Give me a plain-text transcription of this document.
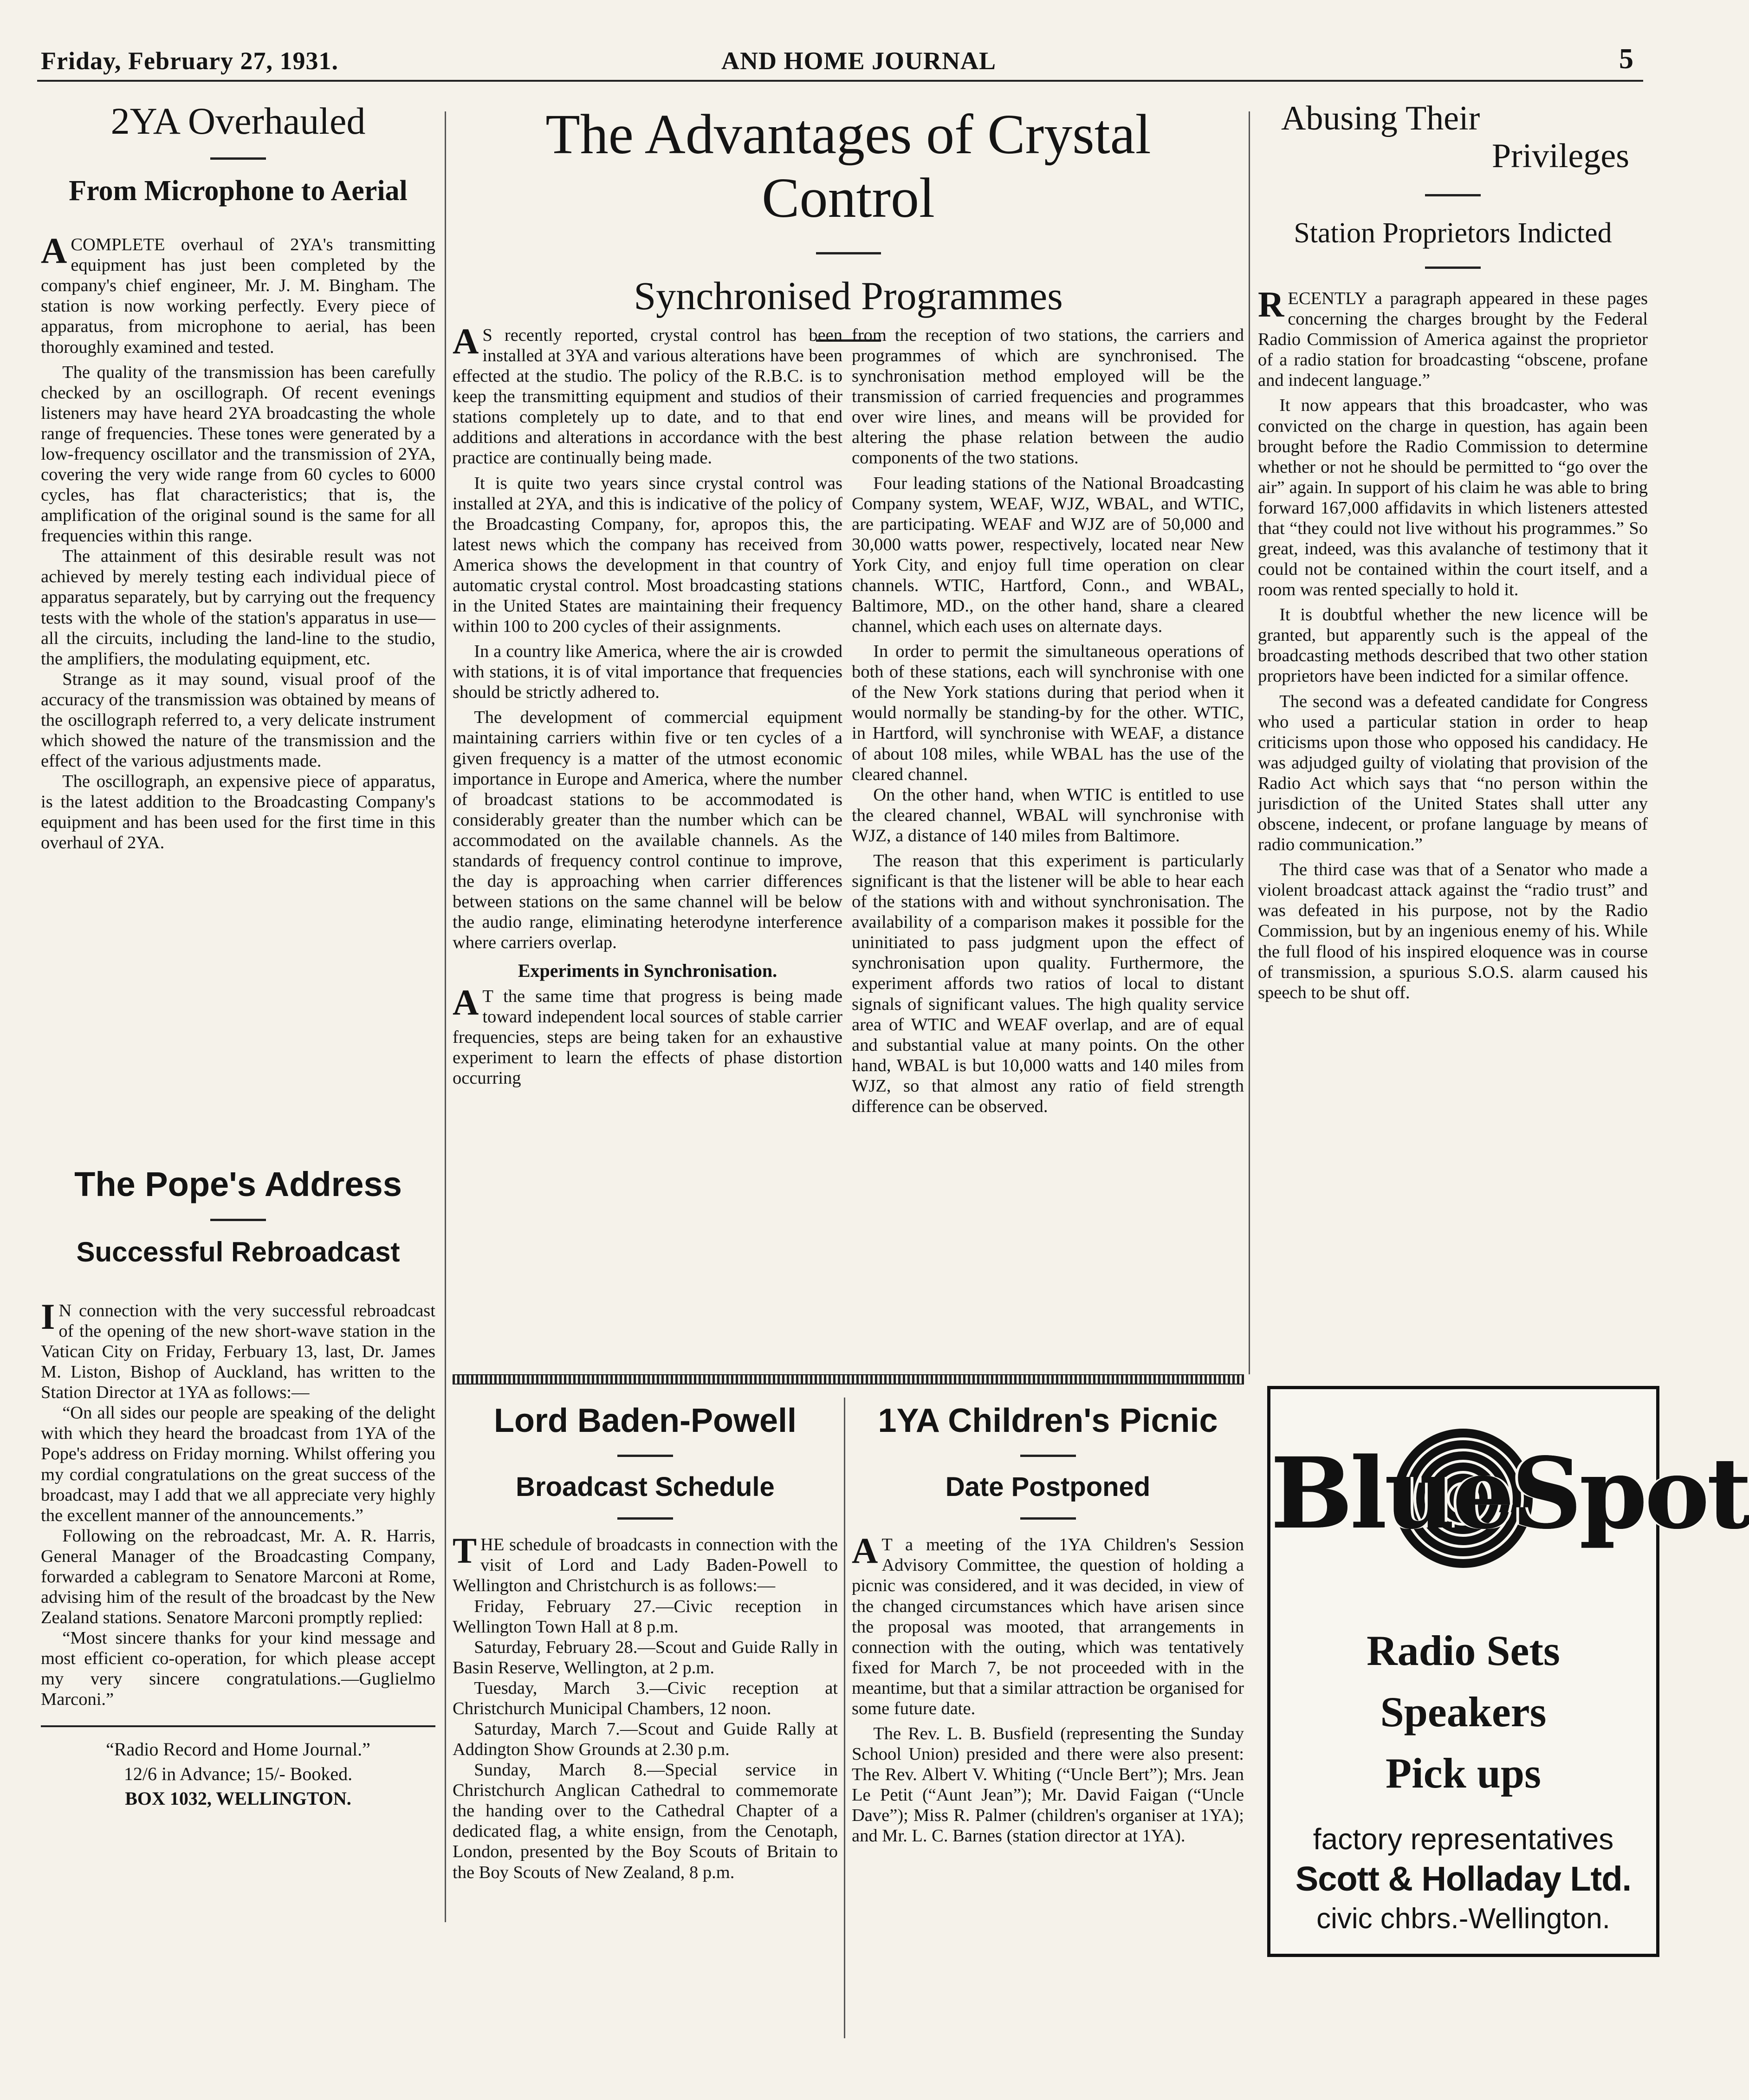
Friday, February 27, 1931.	AND HOME JOURNAL	5
2YA Overhauled
From Microphone to Aerial

ACOMPLETE overhaul of 2YA's transmitting equipment has just been completed by the company's chief engineer, Mr. J. M. Bingham. The station is now working perfectly. Every piece of apparatus, from microphone to aerial, has been thoroughly examined and tested.

The quality of the transmission has been carefully checked by an oscillograph. Of recent evenings listeners may have heard 2YA broadcasting the whole range of frequencies. These tones were generated by a low-frequency oscillator and the transmission of 2YA, covering the very wide range from 60 cycles to 6000 cycles, has flat characteristics; that is, the amplification of the original sound is the same for all frequencies within this range.

The attainment of this desirable result was not achieved by merely testing each individual piece of apparatus separately, but by carrying out the frequency tests with the whole of the station's apparatus in use—all the circuits, including the land-line to the studio, the amplifiers, the modulating equipment, etc.

Strange as it may sound, visual proof of the accuracy of the transmission was obtained by means of the oscillograph referred to, a very delicate instrument which showed the nature of the transmission and the effect of the various adjustments made.

The oscillograph, an expensive piece of apparatus, is the latest addition to the Broadcasting Company's equipment and has been used for the first time in this overhaul of 2YA.

The Pope's Address
Successful Rebroadcast

I N connection with the very successful rebroadcast of the opening of the new short-wave station in the Vatican City on Friday, Ferbuary 13, last, Dr. James M. Liston, Bishop of Auckland, has written to the Station Director at 1YA as follows:—

“On all sides our people are speaking of the delight with which they heard the broadcast from 1YA of the Pope's address on Friday morning. Whilst offering you my cordial congratulations on the great success of the broadcast, may I add that we all appreciate very highly the excellent manner of the announcements.”

Following on the rebroadcast, Mr. A. R. Harris, General Manager of the Broadcasting Company, forwarded a cablegram to Senatore Marconi at Rome, advising him of the result of the broadcast by the New Zealand stations. Senatore Marconi promptly replied:

“Most sincere thanks for your kind message and most efficient co-operation, for which please accept my very sincere congratulations.—Guglielmo Marconi.”

“Radio Record and Home Journal.”
12/6 in Advance; 15/- Booked.
BOX 1032, WELLINGTON.
The Advantages of Crystal Control
Synchronised Programmes

A S recently reported, crystal control has been installed at 3YA and various alterations have been effected at the studio. The policy of the R.B.C. is to keep the transmitting equipment and studios of their stations completely up to date, and to that end additions and alterations in accordance with the best practice are continually being made.

It is quite two years since crystal control was installed at 2YA, and this is indicative of the policy of the Broadcasting Company, for, apropos this, the latest news which the company has received from America shows the development in that country of automatic crystal control. Most broadcasting stations in the United States are maintaining their frequency within 100 to 200 cycles of their assignments.

In a country like America, where the air is crowded with stations, it is of vital importance that frequencies should be strictly adhered to.

The development of commercial equipment maintaining carriers within five or ten cycles of a given frequency is a matter of the utmost economic importance in Europe and America, where the number of broadcast stations to be accommodated is considerably greater than the number which can be accommodated on the available channels. As the standards of frequency control continue to improve, the day is approaching when carrier differences between stations on the same channel will be below the audio range, eliminating heterodyne interference where carriers overlap.

Experiments in Synchronisation.

A T the same time that progress is being made toward independent local sources of stable carrier frequencies, steps are being taken for an exhaustive experiment to learn the effects of phase distortion occurring

from the reception of two stations, the carriers and programmes of which are synchronised. The synchronisation method employed will be the transmission of carried frequencies and programmes over wire lines, and means will be provided for altering the phase relation between the audio components of the two stations.

Four leading stations of the National Broadcasting Company system, WEAF, WJZ, WBAL, and WTIC, are participating. WEAF and WJZ are of 50,000 and 30,000 watts power, respectively, located near New York City, and enjoy full time operation on clear channels. WTIC, Hartford, Conn., and WBAL, Baltimore, MD., on the other hand, share a cleared channel, which each uses on alternate days.

In order to permit the simultaneous operations of both of these stations, each will synchronise with one of the New York stations during that period when it would normally be standing-by for the other. WTIC, in Hartford, will synchronise with WEAF, a distance of about 108 miles, while WBAL has the use of the cleared channel.

On the other hand, when WTIC is entitled to use the cleared channel, WBAL will synchronise with WJZ, a distance of 140 miles from Baltimore.

The reason that this experiment is particularly significant is that the listener will be able to hear each of the stations with and without synchronisation. The availability of a comparison makes it possible for the uninitiated to pass judgment upon the effect of synchronisation upon quality. Furthermore, the experiment affords two ratios of local to distant signals of significant values. The high quality service area of WTIC and WEAF overlap, and are of equal and substantial value at many points. On the other hand, WBAL is but 10,000 watts and 140 miles from WJZ, so that almost any ratio of field strength difference can be observed.

Abusing Their
Privileges
Station Proprietors Indicted

RECENTLY a paragraph appeared in these pages concerning the charges brought by the Federal Radio Commission of America against the proprietor of a radio station for broadcasting “obscene, profane and indecent language.”

It now appears that this broadcaster, who was convicted on the charge in question, has again been brought before the Radio Commission to determine whether or not he should be permitted to “go over the air” again. In support of his claim he was able to bring forward 167,000 affidavits in which listeners attested that “they could not live without his programmes.” So great, indeed, was this avalanche of testimony that it could not be contained within the court itself, and a room was rented specially to hold it.

It is doubtful whether the new licence will be granted, but apparently such is the appeal of the broadcasting methods described that two other station proprietors have been indicted for a similar offence.

The second was a defeated candidate for Congress who used a particular station in order to heap criticisms upon those who opposed his candidacy. He was adjudged guilty of violating that provision of the Radio Act which says that “no person within the jurisdiction of the United States shall utter any obscene, indecent, or profane language by means of radio communication.”

The third case was that of a Senator who made a violent broadcast attack against the “radio trust” and was defeated in his purpose, not by the Radio Commission, but by an ingenious enemy of his. While the full flood of his inspired eloquence was in course of transmission, a spurious S.O.S. alarm caused his speech to be shut off.

Lord Baden-Powell
Broadcast Schedule

THE schedule of broadcasts in connection with the visit of Lord and Lady Baden-Powell to Wellington and Christchurch is as follows:—

Friday, February 27.—Civic reception in Wellington Town Hall at 8 p.m.

Saturday, February 28.—Scout and Guide Rally in Basin Reserve, Wellington, at 2 p.m.

Tuesday, March 3.—Civic reception at Christchurch Municipal Chambers, 12 noon.

Saturday, March 7.—Scout and Guide Rally at Addington Show Grounds at 2.30 p.m.

Sunday, March 8.—Special service in Christchurch Anglican Cathedral to commemorate the handing over to the Cathedral Chapter of a dedicated flag, a white ensign, from the Cenotaph, London, presented by the Boy Scouts of Britain to the Boy Scouts of New Zealand, 8 p.m.

1YA Children's Picnic
Date Postponed

A T a meeting of the 1YA Children's Session Advisory Committee, the question of holding a picnic was considered, and it was decided, in view of the changed circumstances which have arisen since the proposal was mooted, that arrangements in connection with the outing, which was tentatively fixed for March 7, be not proceeded with in the meantime, but that a similar attraction be organised for some future date.

The Rev. L. B. Busfield (representing the Sunday School Union) presided and there were also present: The Rev. Albert V. Whiting (“Uncle Bert”); Mrs. Jean Le Petit (“Aunt Jean”); Mr. David Faigan (“Uncle Dave”); Miss R. Palmer (children's organiser at 1YA); and Mr. L. C. Barnes (station director at 1YA).

BlueSpot
Radio Sets
Speakers
Pick ups
factory representatives
Scott & Holladay Ltd.
civic chbrs.-Wellington.
